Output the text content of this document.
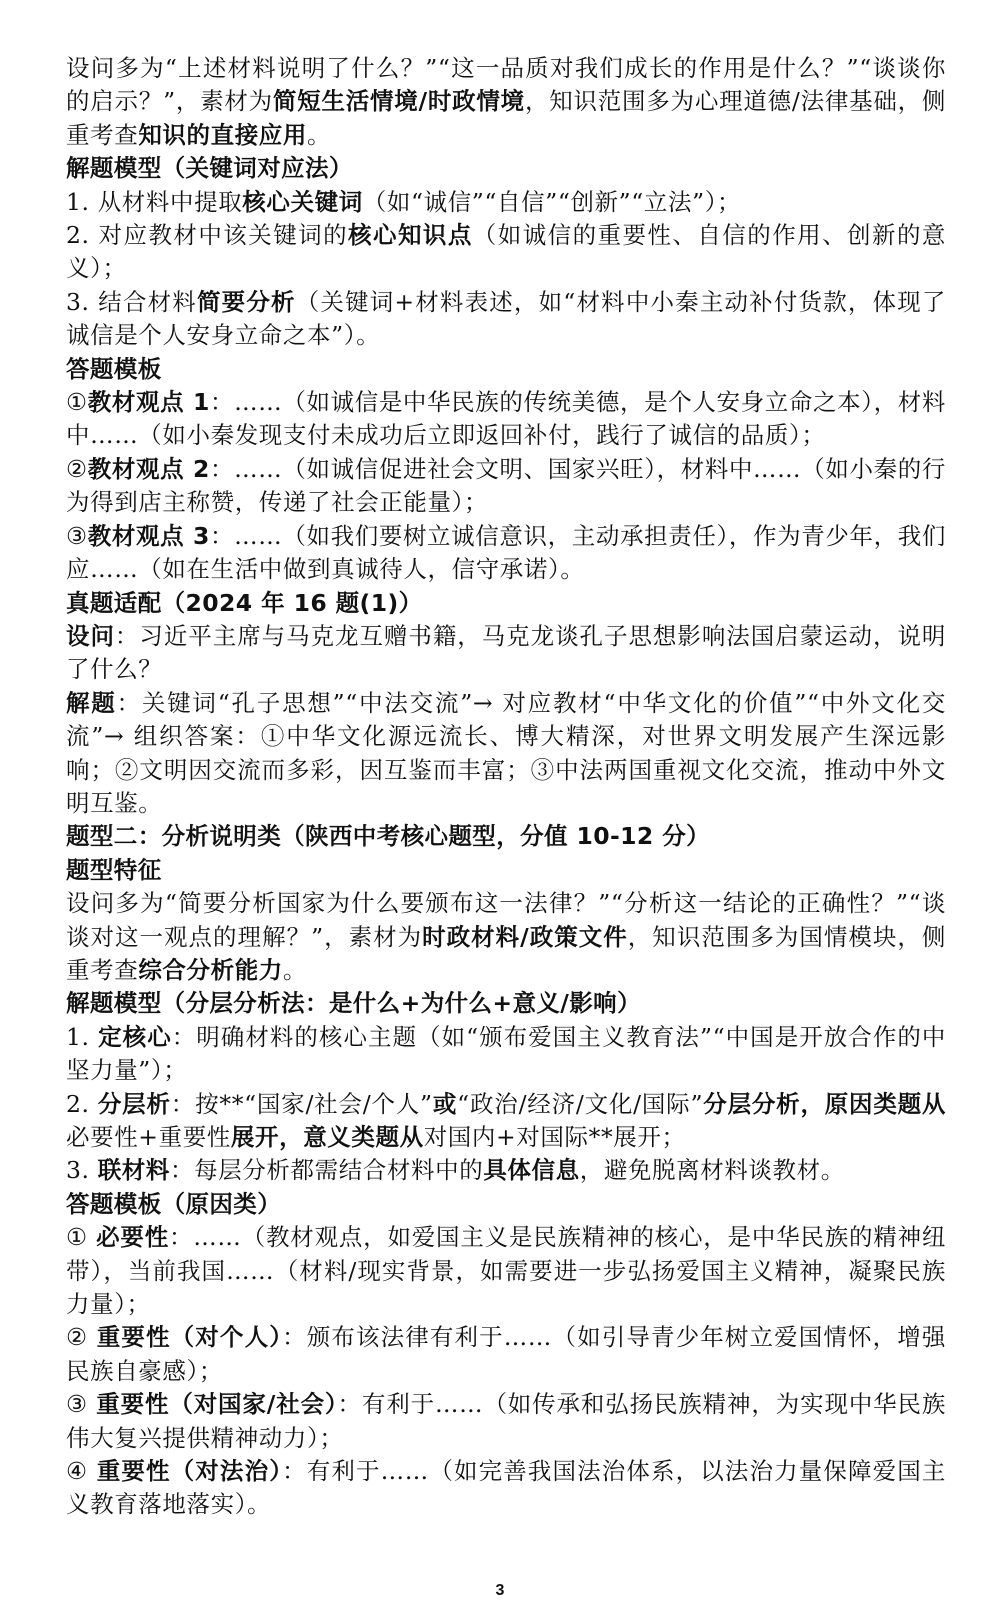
设问多为“上述材料说明了什么？”“这一品质对我们成长的作用是什么？”“谈谈你的启示？”，素材为简短生活情境/时政情境，知识范围多为心理道德/法律基础，侧重考查知识的直接应用。

解题模型（关键词对应法）

1. 从材料中提取核心关键词（如“诚信”“自信”“创新”“立法”）；

2. 对应教材中该关键词的核心知识点（如诚信的重要性、自信的作用、创新的意义）；

3. 结合材料简要分析（关键词+材料表述，如“材料中小秦主动补付货款，体现了诚信是个人安身立命之本”）。

答题模板

①教材观点 1：……（如诚信是中华民族的传统美德，是个人安身立命之本），材料中……（如小秦发现支付未成功后立即返回补付，践行了诚信的品质）；

②教材观点 2：……（如诚信促进社会文明、国家兴旺），材料中……（如小秦的行为得到店主称赞，传递了社会正能量）；

③教材观点 3：……（如我们要树立诚信意识，主动承担责任），作为青少年，我们应……（如在生活中做到真诚待人，信守承诺）。

真题适配（2024 年 16 题(1)）

设问：习近平主席与马克龙互赠书籍，马克龙谈孔子思想影响法国启蒙运动，说明了什么？

解题：关键词“孔子思想”“中法交流”→ 对应教材“中华文化的价值”“中外文化交流”→ 组织答案：①中华文化源远流长、博大精深，对世界文明发展产生深远影响；②文明因交流而多彩，因互鉴而丰富；③中法两国重视文化交流，推动中外文明互鉴。

题型二：分析说明类（陕西中考核心题型，分值 10-12 分）

题型特征

设问多为“简要分析国家为什么要颁布这一法律？”“分析这一结论的正确性？”“谈谈对这一观点的理解？”，素材为时政材料/政策文件，知识范围多为国情模块，侧重考查综合分析能力。

解题模型（分层分析法：是什么+为什么+意义/影响）

1. 定核心：明确材料的核心主题（如“颁布爱国主义教育法”“中国是开放合作的中坚力量”）；

2. 分层析：按**“国家/社会/个人”或“政治/经济/文化/国际”分层分析，原因类题从必要性+重要性展开，意义类题从对国内+对国际**展开；

3. 联材料：每层分析都需结合材料中的具体信息，避免脱离材料谈教材。

答题模板（原因类）

① 必要性：……（教材观点，如爱国主义是民族精神的核心，是中华民族的精神纽带），当前我国……（材料/现实背景，如需要进一步弘扬爱国主义精神，凝聚民族力量）；

② 重要性（对个人）：颁布该法律有利于……（如引导青少年树立爱国情怀，增强民族自豪感）；

③ 重要性（对国家/社会）：有利于……（如传承和弘扬民族精神，为实现中华民族伟大复兴提供精神动力）；

④ 重要性（对法治）：有利于……（如完善我国法治体系，以法治力量保障爱国主义教育落地落实）。

3
